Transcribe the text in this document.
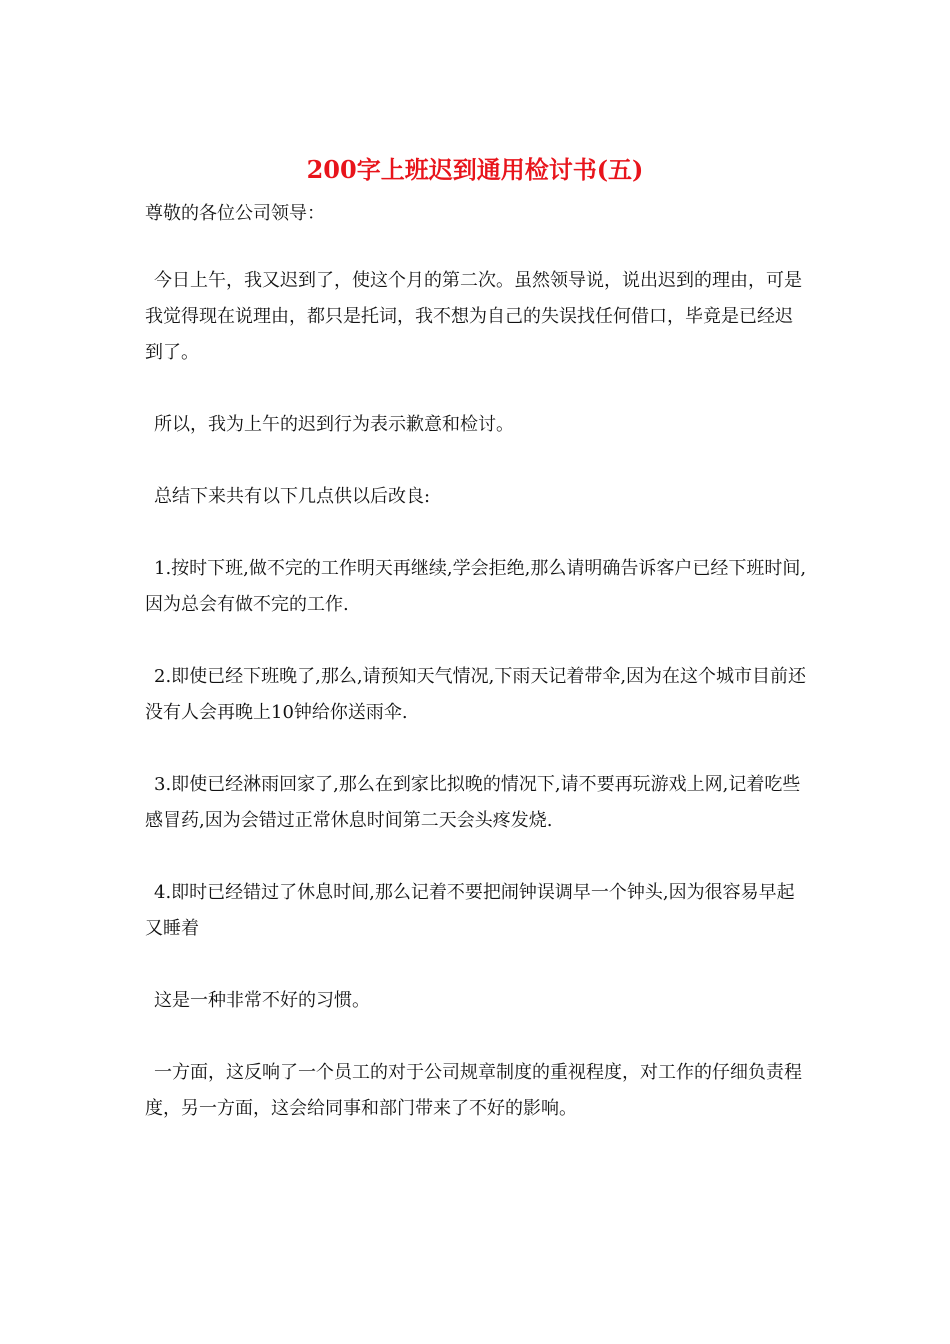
200字上班迟到通用检讨书(五)
尊敬的各位公司领导：

今日上午，我又迟到了，使这个月的第二次。虽然领导说，说出迟到的理由，可是我觉得现在说理由，都只是托词，我不想为自己的失误找任何借口，毕竟是已经迟到了。

所以，我为上午的迟到行为表示歉意和检讨。

总结下来共有以下几点供以后改良:

1.按时下班,做不完的工作明天再继续,学会拒绝,那么请明确告诉客户已经下班时间,因为总会有做不完的工作.

2.即使已经下班晚了,那么,请预知天气情况,下雨天记着带伞,因为在这个城市目前还没有人会再晚上10钟给你送雨伞.

3.即使已经淋雨回家了,那么在到家比拟晚的情况下,请不要再玩游戏上网,记着吃些感冒药,因为会错过正常休息时间第二天会头疼发烧.

4.即时已经错过了休息时间,那么记着不要把闹钟误调早一个钟头,因为很容易早起又睡着

这是一种非常不好的习惯。

一方面，这反响了一个员工的对于公司规章制度的重视程度，对工作的仔细负责程度，另一方面，这会给同事和部门带来了不好的影响。
